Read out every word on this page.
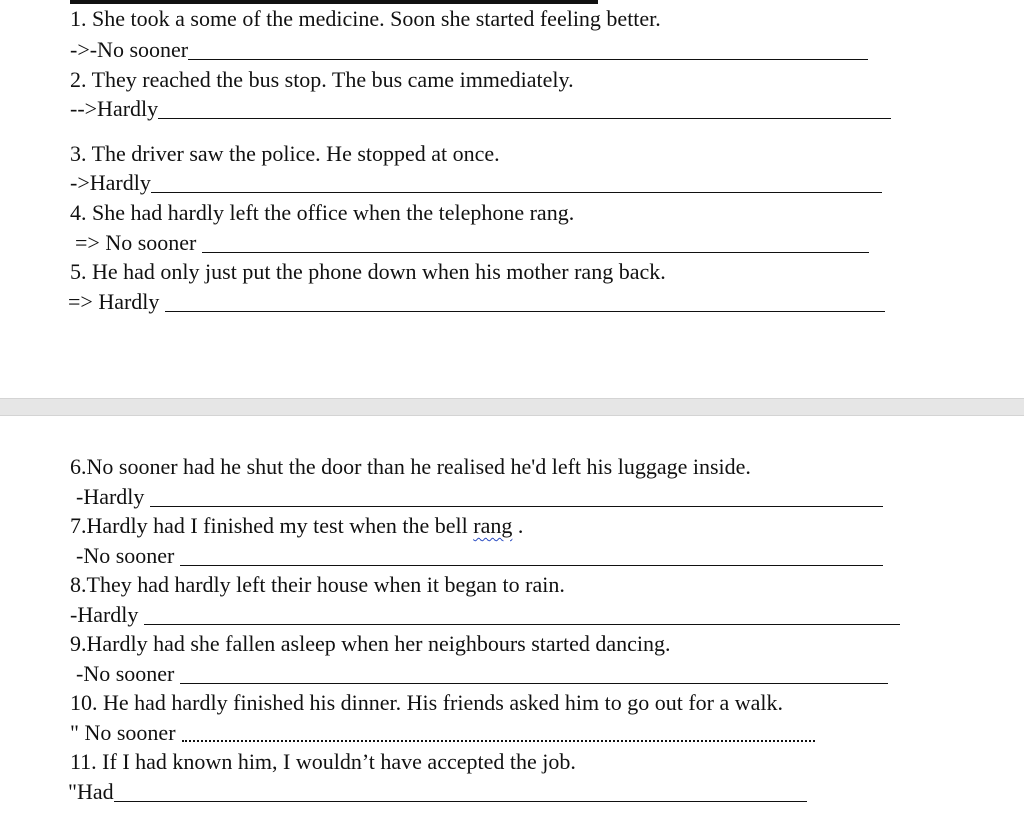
1. She took a some of the medicine. Soon she started feeling better.
->-No sooner
2. They reached the bus stop. The bus came immediately.
-->Hardly
3. The driver saw the police. He stopped at once.
->Hardly
4. She had hardly left the office when the telephone rang.
=> No sooner
5. He had only just put the phone down when his mother rang back.
=> Hardly
6.No sooner had he shut the door than he realised he'd left his luggage inside.
-Hardly
7.Hardly had I finished my test when the bell rang .
-No sooner
8.They had hardly left their house when it began to rain.
-Hardly
9.Hardly had she fallen asleep when her neighbours started dancing.
-No sooner
10. He had hardly finished his dinner. His friends asked him to go out for a walk.
" No sooner
11. If I had known him, I wouldn’t have accepted the job.
"Had
